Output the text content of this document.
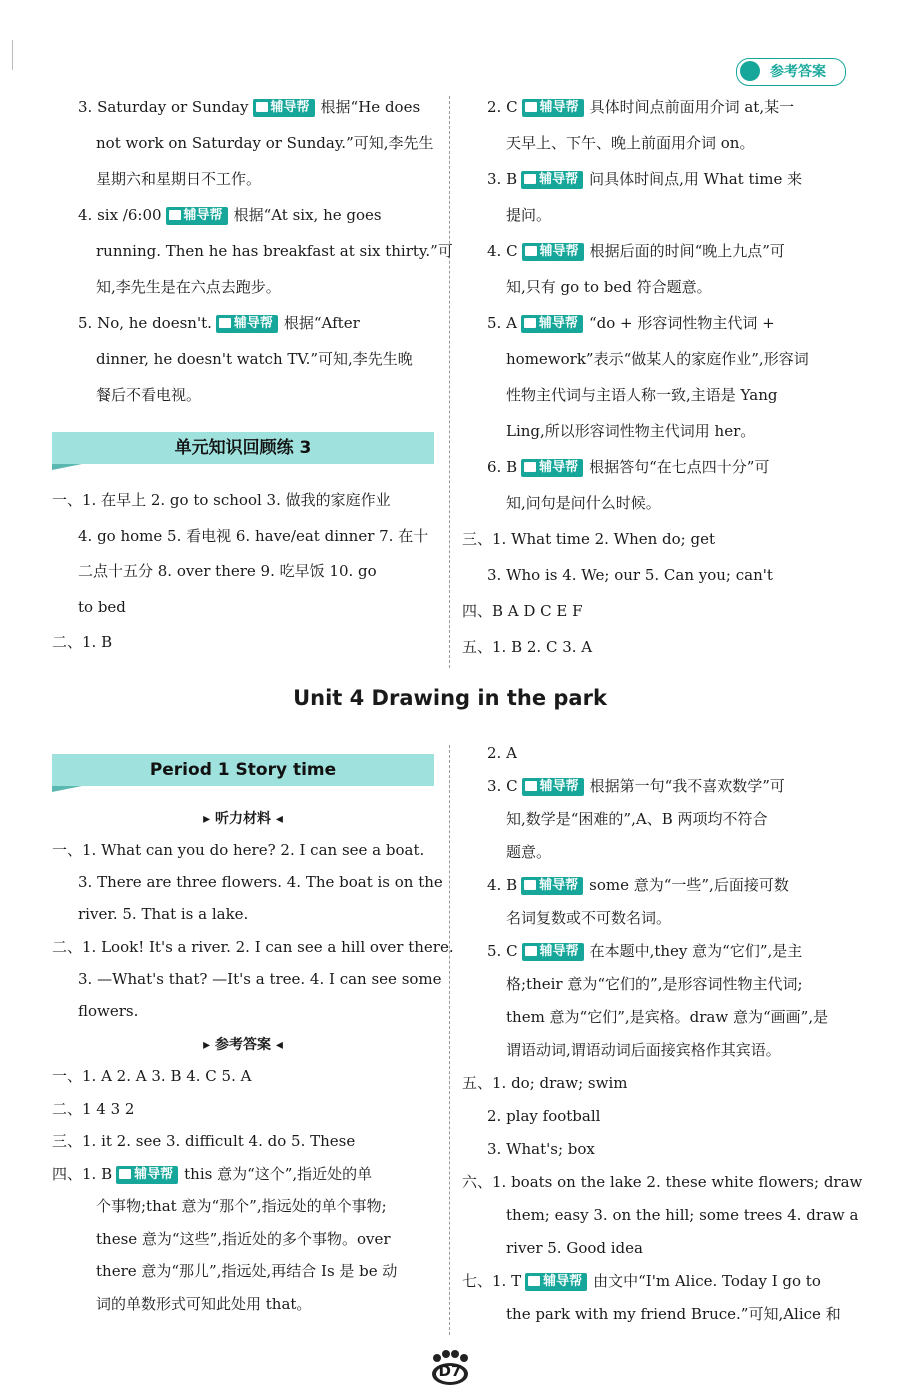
参考答案
3. Saturday or Sunday 辅导帮 根据“He does
not work on Saturday or Sunday.”可知,李先生
星期六和星期日不工作。
4. six /6:00 辅导帮 根据“At six, he goes
running. Then he has breakfast at six thirty.”可
知,李先生是在六点去跑步。
5. No, he doesn't. 辅导帮 根据“After
dinner, he doesn't watch TV.”可知,李先生晚
餐后不看电视。
单元知识回顾练 3
一、1. 在早上 2. go to school 3. 做我的家庭作业
4. go home 5. 看电视 6. have/eat dinner 7. 在十
二点十五分 8. over there 9. 吃早饭 10. go
to bed
二、1. B
2. C 辅导帮 具体时间点前面用介词 at,某一
天早上、下午、晚上前面用介词 on。
3. B 辅导帮 问具体时间点,用 What time 来
提问。
4. C 辅导帮 根据后面的时间“晚上九点”可
知,只有 go to bed 符合题意。
5. A 辅导帮 “do + 形容词性物主代词 +
homework”表示“做某人的家庭作业”,形容词
性物主代词与主语人称一致,主语是 Yang
Ling,所以形容词性物主代词用 her。
6. B 辅导帮 根据答句“在七点四十分”可
知,问句是问什么时候。
三、1. What time 2. When do; get
3. Who is 4. We; our 5. Can you; can't
四、B A D C E F
五、1. B 2. C 3. A
Unit 4 Drawing in the park
Period 1 Story time
▸ 听力材料 ◂
一、1. What can you do here? 2. I can see a boat.
3. There are three flowers. 4. The boat is on the
river. 5. That is a lake.
二、1. Look! It's a river. 2. I can see a hill over there.
3. —What's that? —It's a tree. 4. I can see some
flowers.
▸ 参考答案 ◂
一、1. A 2. A 3. B 4. C 5. A
二、1 4 3 2
三、1. it 2. see 3. difficult 4. do 5. These
四、1. B 辅导帮 this 意为“这个”,指近处的单
个事物;that 意为“那个”,指远处的单个事物;
these 意为“这些”,指近处的多个事物。over
there 意为“那儿”,指远处,再结合 Is 是 be 动
词的单数形式可知此处用 that。
2. A
3. C 辅导帮 根据第一句“我不喜欢数学”可
知,数学是“困难的”,A、B 两项均不符合
题意。
4. B 辅导帮 some 意为“一些”,后面接可数
名词复数或不可数名词。
5. C 辅导帮 在本题中,they 意为“它们”,是主
格;their 意为“它们的”,是形容词性物主代词;
them 意为“它们”,是宾格。draw 意为“画画”,是
谓语动词,谓语动词后面接宾格作其宾语。
五、1. do; draw; swim
2. play football
3. What's; box
六、1. boats on the lake 2. these white flowers; draw
them; easy 3. on the hill; some trees 4. draw a
river 5. Good idea
七、1. T 辅导帮 由文中“I'm Alice. Today I go to
the park with my friend Bruce.”可知,Alice 和
D7
